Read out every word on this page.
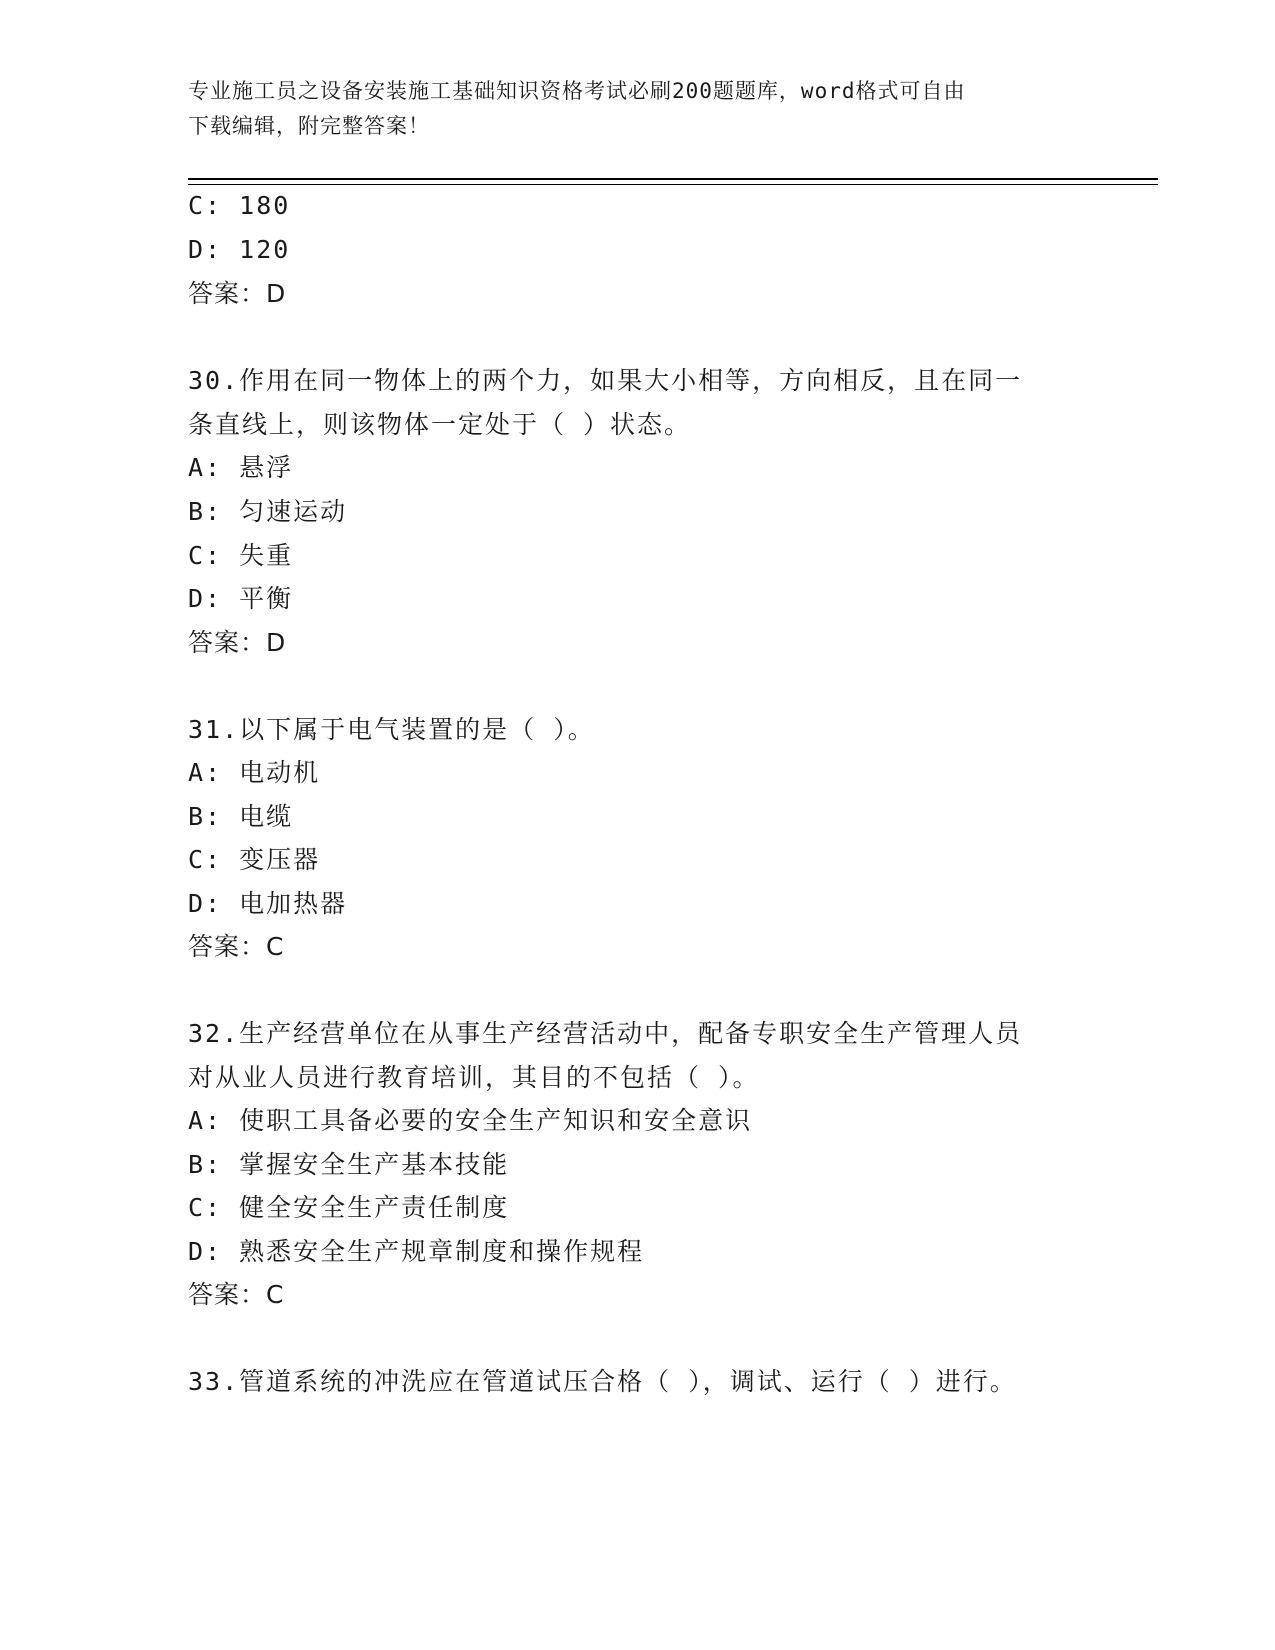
专业施工员之设备安装施工基础知识资格考试必刷200题题库，word格式可自由
下载编辑，附完整答案！
C: 180
D: 120
答案：D
30.作用在同一物体上的两个力，如果大小相等，方向相反，且在同一
条直线上，则该物体一定处于（ ）状态。
A: 悬浮
B: 匀速运动
C: 失重
D: 平衡
答案：D
31.以下属于电气装置的是（ ）。
A: 电动机
B: 电缆
C: 变压器
D: 电加热器
答案：C
32.生产经营单位在从事生产经营活动中，配备专职安全生产管理人员
对从业人员进行教育培训，其目的不包括（ ）。
A: 使职工具备必要的安全生产知识和安全意识
B: 掌握安全生产基本技能
C: 健全安全生产责任制度
D: 熟悉安全生产规章制度和操作规程
答案：C
33.管道系统的冲洗应在管道试压合格（ ），调试、运行（ ）进行。
